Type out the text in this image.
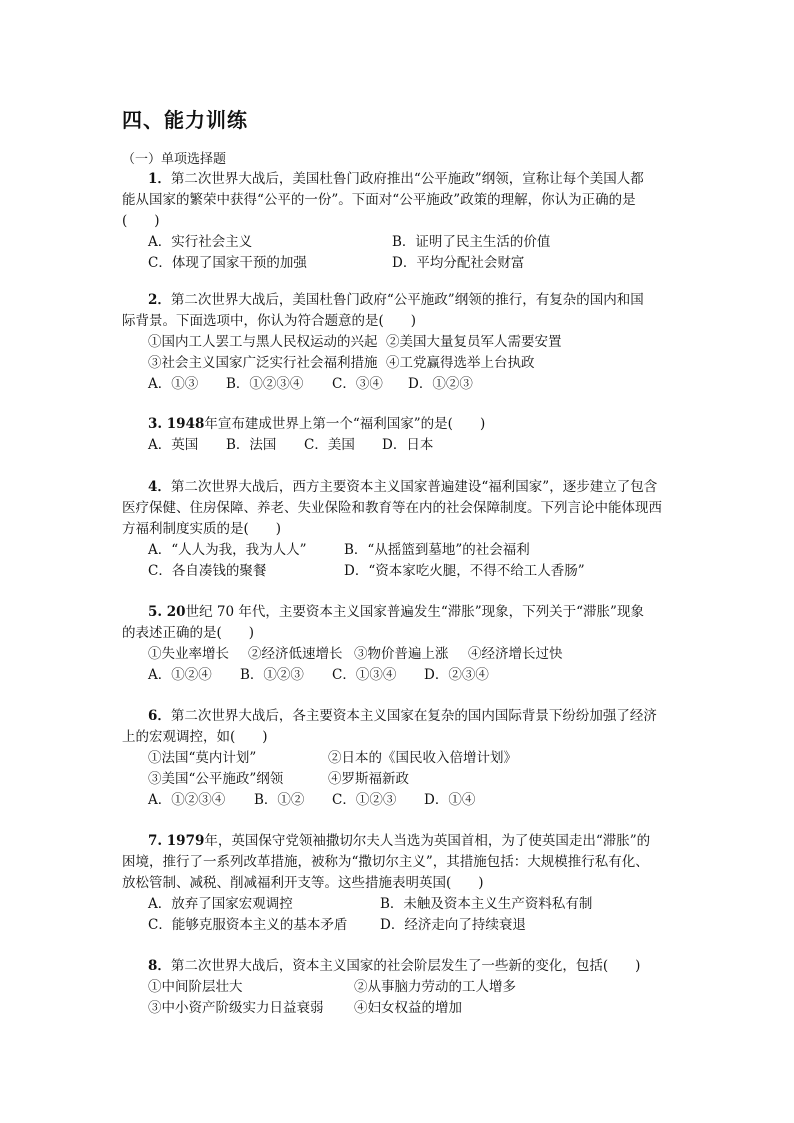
四、能力训练
（一）单项选择题
1．第二次世界大战后，美国杜鲁门政府推出“公平施政”纲领，宣称让每个美国人都
能从国家的繁荣中获得“公平的一份”。下面对“公平施政”政策的理解，你认为正确的是
(　　)
A．实行社会主义	B．证明了民主生活的价值
C．体现了国家干预的加强	D．平均分配社会财富
2．第二次世界大战后，美国杜鲁门政府“公平施政”纲领的推行，有复杂的国内和国
际背景。下面选项中，你认为符合题意的是(　　)
①国内工人罢工与黑人民权运动的兴起 ②美国大量复员军人需要安置
③社会主义国家广泛实行社会福利措施 ④工党赢得选举上台执政
A．①③ B．①②③④ C．③④ D．①②③
3. 1948年宣布建成世界上第一个“福利国家”的是(　　)
A．英国 B．法国 C．美国 D．日本
4．第二次世界大战后，西方主要资本主义国家普遍建设“福利国家”，逐步建立了包含
医疗保健、住房保障、养老、失业保险和教育等在内的社会保障制度。下列言论中能体现西
方福利制度实质的是(　　)
A．“人人为我，我为人人”	B．“从摇篮到墓地”的社会福利
C．各自凑钱的聚餐	D．“资本家吃火腿，不得不给工人香肠”
5. 20世纪 70 年代，主要资本主义国家普遍发生“滞胀”现象，下列关于“滞胀”现象
的表述正确的是(　　)
①失业率增长 ②经济低速增长 ③物价普遍上涨 ④经济增长过快
A．①②④ B．①②③ C．①③④ D．②③④
6．第二次世界大战后，各主要资本主义国家在复杂的国内国际背景下纷纷加强了经济
上的宏观调控，如(　　)
①法国“莫内计划”	②日本的《国民收入倍增计划》
③美国“公平施政”纲领	④罗斯福新政
A．①②③④ B．①② C．①②③ D．①④
7. 1979年，英国保守党领袖撒切尔夫人当选为英国首相，为了使英国走出“滞胀”的
困境，推行了一系列改革措施，被称为“撒切尔主义”，其措施包括：大规模推行私有化、
放松管制、减税、削减福利开支等。这些措施表明英国(　　)
A．放弃了国家宏观调控	B．未触及资本主义生产资料私有制
C．能够克服资本主义的基本矛盾 D．经济走向了持续衰退
8．第二次世界大战后，资本主义国家的社会阶层发生了一些新的变化，包括(　　)
①中间阶层壮大	②从事脑力劳动的工人增多
③中小资产阶级实力日益衰弱 ④妇女权益的增加
